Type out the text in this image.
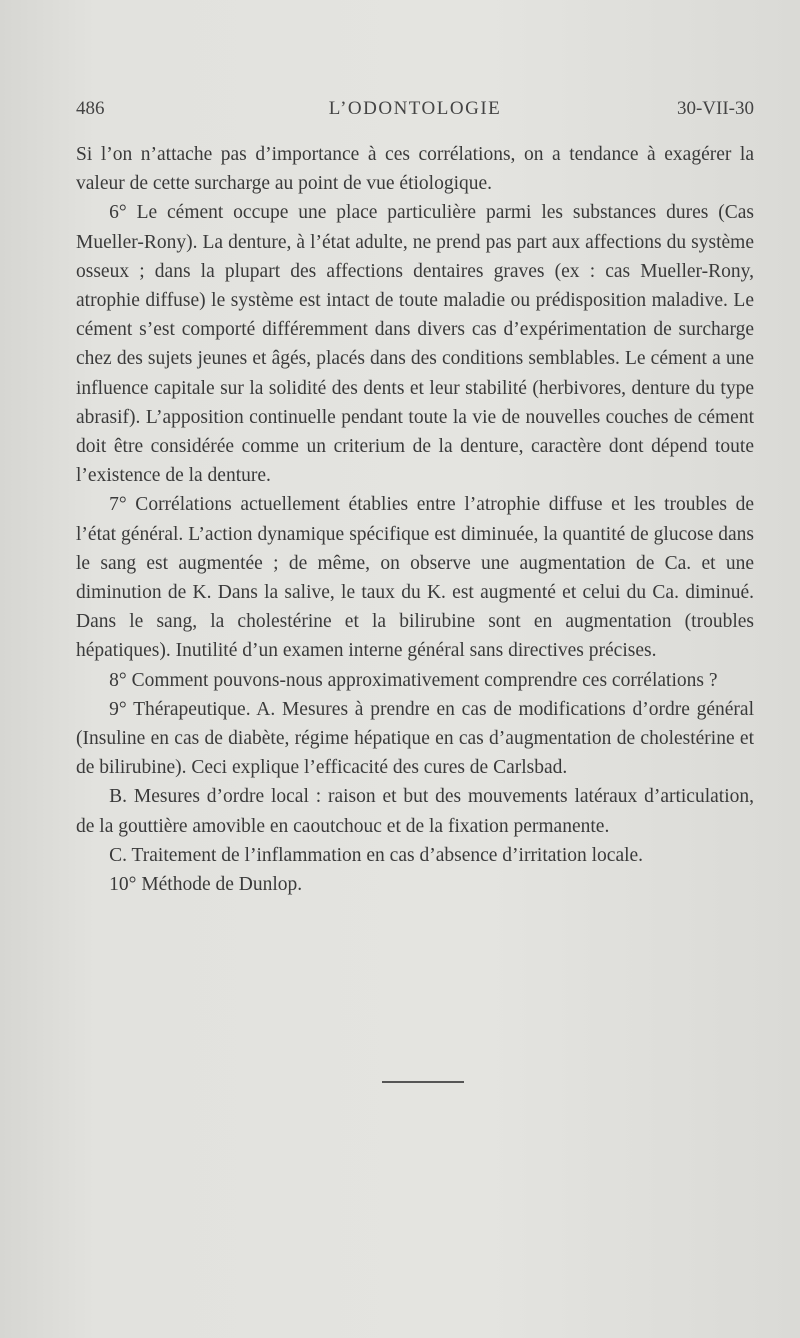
486	L’ODONTOLOGIE	30-VII-30

Si l’on n’attache pas d’importance à ces corrélations, on a tendance à exagérer la valeur de cette surcharge au point de vue étiologique.

6° Le cément occupe une place particulière parmi les substances dures (Cas Mueller-Rony). La denture, à l’état adulte, ne prend pas part aux affections du système osseux ; dans la plupart des affections dentaires graves (ex : cas Mueller-Rony, atrophie diffuse) le système est intact de toute maladie ou prédisposition maladive. Le cément s’est comporté différemment dans divers cas d’expérimentation de surcharge chez des sujets jeunes et âgés, placés dans des conditions semblables. Le cément a une influence capitale sur la solidité des dents et leur stabilité (herbivores, denture du type abrasif). L’apposition continuelle pendant toute la vie de nouvelles couches de cément doit être considérée comme un criterium de la denture, caractère dont dépend toute l’existence de la denture.

7° Corrélations actuellement établies entre l’atrophie diffuse et les troubles de l’état général. L’action dynamique spécifique est diminuée, la quantité de glucose dans le sang est augmentée ; de même, on observe une augmentation de Ca. et une diminution de K. Dans la salive, le taux du K. est augmenté et celui du Ca. diminué. Dans le sang, la cholestérine et la bilirubine sont en augmentation (troubles hépatiques). Inutilité d’un examen interne général sans directives précises.

8° Comment pouvons-nous approximativement comprendre ces corrélations ?

9° Thérapeutique. A. Mesures à prendre en cas de modifications d’ordre général (Insuline en cas de diabète, régime hépatique en cas d’augmentation de cholestérine et de bilirubine). Ceci explique l’efficacité des cures de Carlsbad.

B. Mesures d’ordre local : raison et but des mouvements latéraux d’articulation, de la gouttière amovible en caoutchouc et de la fixation permanente.

C. Traitement de l’inflammation en cas d’absence d’irritation locale.

10° Méthode de Dunlop.
